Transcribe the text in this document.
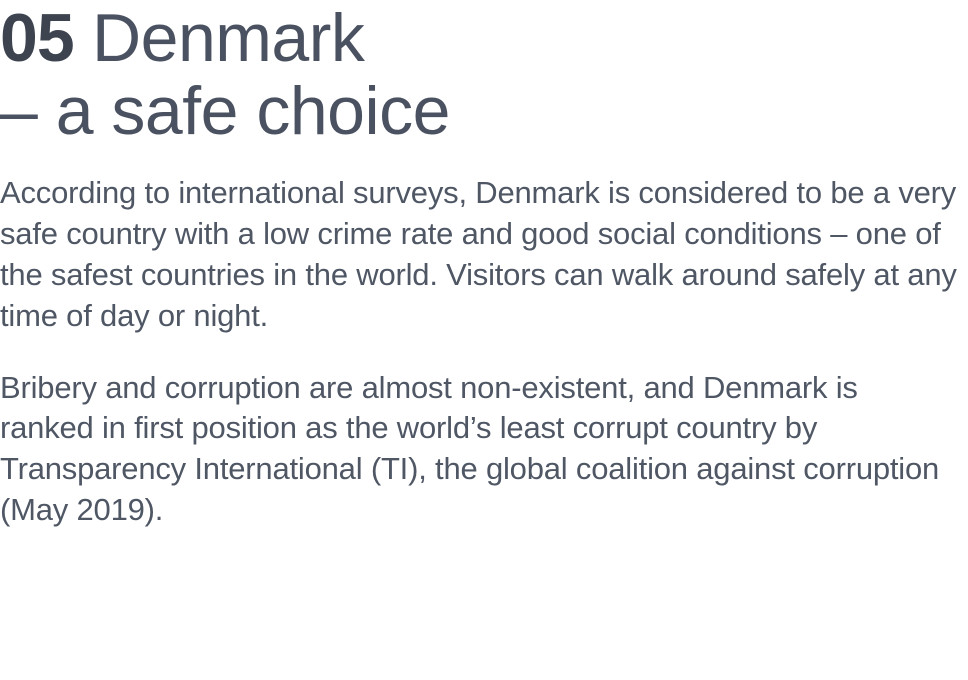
05 Denmark
– a safe choice

According to international surveys, Denmark is considered to be a very safe country with a low crime rate and good social conditions – one of the safest countries in the world. Visitors can walk around safely at any time of day or night.

Bribery and corruption are almost non-existent, and Denmark is ranked in first position as the world’s least corrupt country by Transparency International (TI), the global coalition against corruption (May 2019).
